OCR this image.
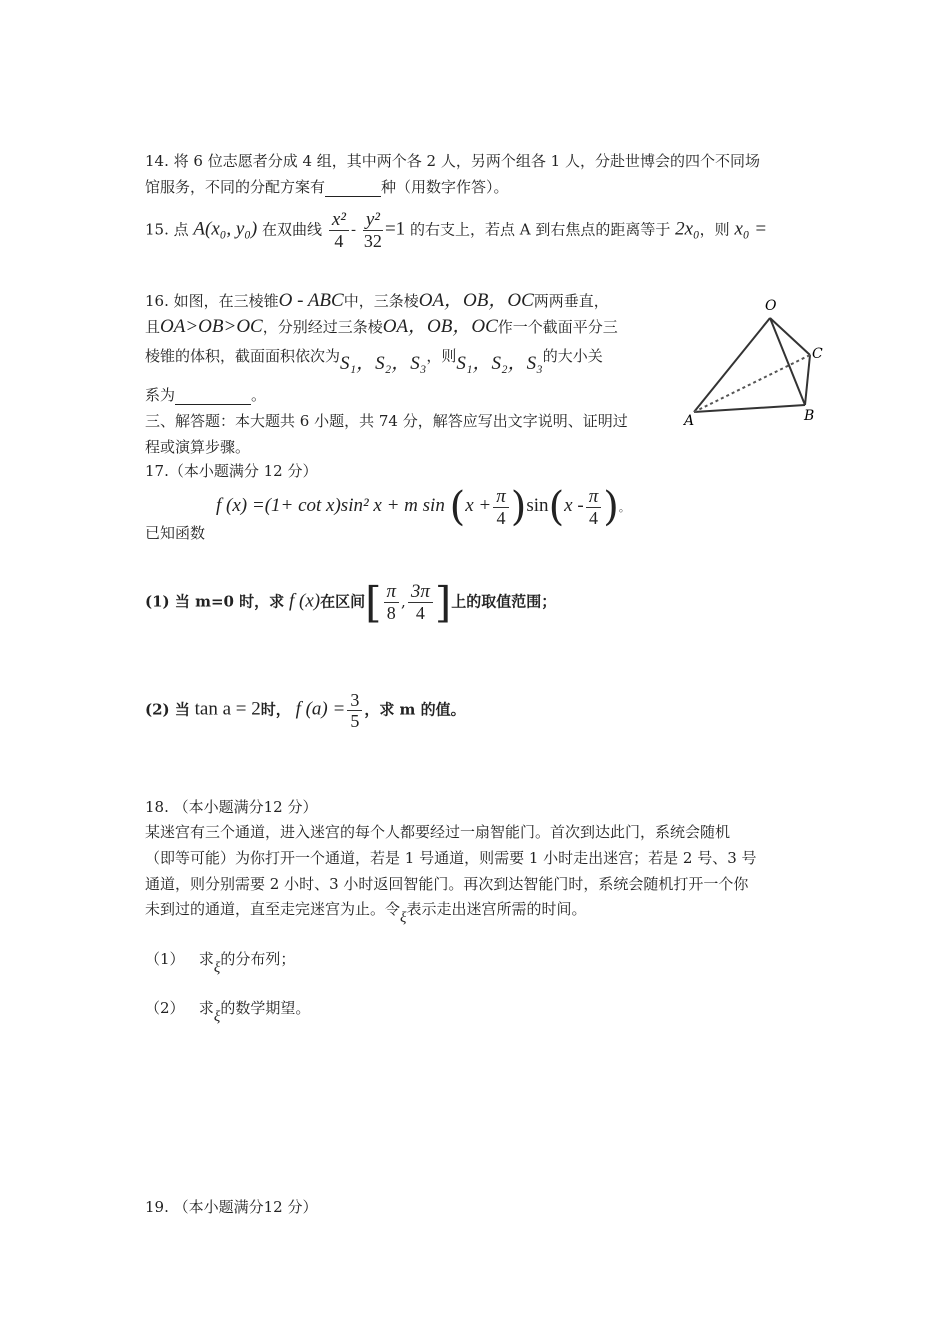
14. 将 6 位志愿者分成 4 组，其中两个各 2 人，另两个组各 1 人，分赴世博会的四个不同场
馆服务，不同的分配方案有	种（用数字作答）。
15. 点 A(x₀, y₀) 在双曲线 $\frac{\text{x²}}{4} - \frac{\text{y²}}{32} =1$ 的右支上，若点 A 到右焦点的距离等于 2x₀，则 x₀ =
16. 如图，在三棱锥O - ABC中，三条棱OA，OB，OC两两垂直，
且OA>OB>OC，分别经过三条棱OA，OB，OC作一个截面平分三
棱锥的体积，截面面积依次为S₁，S₂，S₃，则S₁，S₂，S₃的大小关
系为	。
O
A	B
C
三、解答题：本大题共 6 小题，共 74 分，解答应写出文字说明、证明过
程或演算步骤。
17.（本小题满分 12 分）
f (x) =(1+ cot x)sin² x + m $\sin (x + \frac{\pi}{4} )\sin(x - \frac{\pi}{4}$ )。
已知函数
(1) 当 m=0 时，求 f (x)在区间[ $\frac{\pi}{8}$ , $\frac{3\pi}{4}$ ]上的取值范围；
(2) 当 tan a = 2时， f $(a) = \frac{3}{5}$ ，求 m 的值。
18. （本小题满分12 分）
某迷宫有三个通道，进入迷宫的每个人都要经过一扇智能门。首次到达此门，系统会随机
（即等可能）为你打开一个通道，若是 1 号通道，则需要 1 小时走出迷宫；若是 2 号、3 号
通道，则分别需要 2 小时、3 小时返回智能门。再次到达智能门时，系统会随机打开一个你
未到过的通道，直至走完迷宫为止。令ξ表示走出迷宫所需的时间。
（1） 求ξ的分布列；
（2） 求ξ的数学期望。
19. （本小题满分12 分）
